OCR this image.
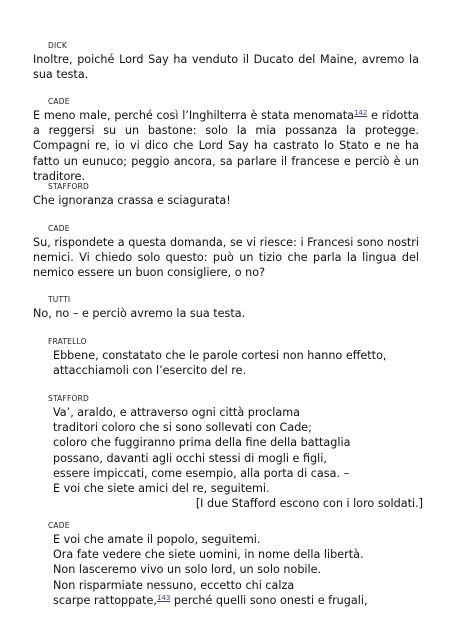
DICK
Inoltre, poiché Lord Say ha venduto il Ducato del Maine, avremo la sua testa.
CADE
E meno male, perché così l’Inghilterra è stata menomata$^{142}$ e ridotta a reggersi su un bastone: solo la mia possanza la protegge. Compagni re, io vi dico che Lord Say ha castrato lo Stato e ne ha fatto un eunuco; peggio ancora, sa parlare il francese e perciò è un traditore.
STAFFORD
Che ignoranza crassa e sciagurata!
CADE
Su, rispondete a questa domanda, se vi riesce: i Francesi sono nostri nemici. Vi chiedo solo questo: può un tizio che parla la lingua del nemico essere un buon consigliere, o no?
TUTTI
No, no – e perciò avremo la sua testa.
FRATELLO
Ebbene, constatato che le parole cortesi non hanno effetto,
attacchiamoli con l’esercito del re.
STAFFORD
Va’, araldo, e attraverso ogni città proclama
traditori coloro che si sono sollevati con Cade;
coloro che fuggiranno prima della fine della battaglia
possano, davanti agli occhi stessi di mogli e figli,
essere impiccati, come esempio, alla porta di casa. –
E voi che siete amici del re, seguitemi.
[I due Stafford escono con i loro soldati.]
CADE
E voi che amate il popolo, seguitemi.
Ora fate vedere che siete uomini, in nome della libertà.
Non lasceremo vivo un solo lord, un solo nobile.
Non risparmiate nessuno, eccetto chi calza
scarpe rattoppate,$^{143}$ perché quelli sono onesti e frugali,
